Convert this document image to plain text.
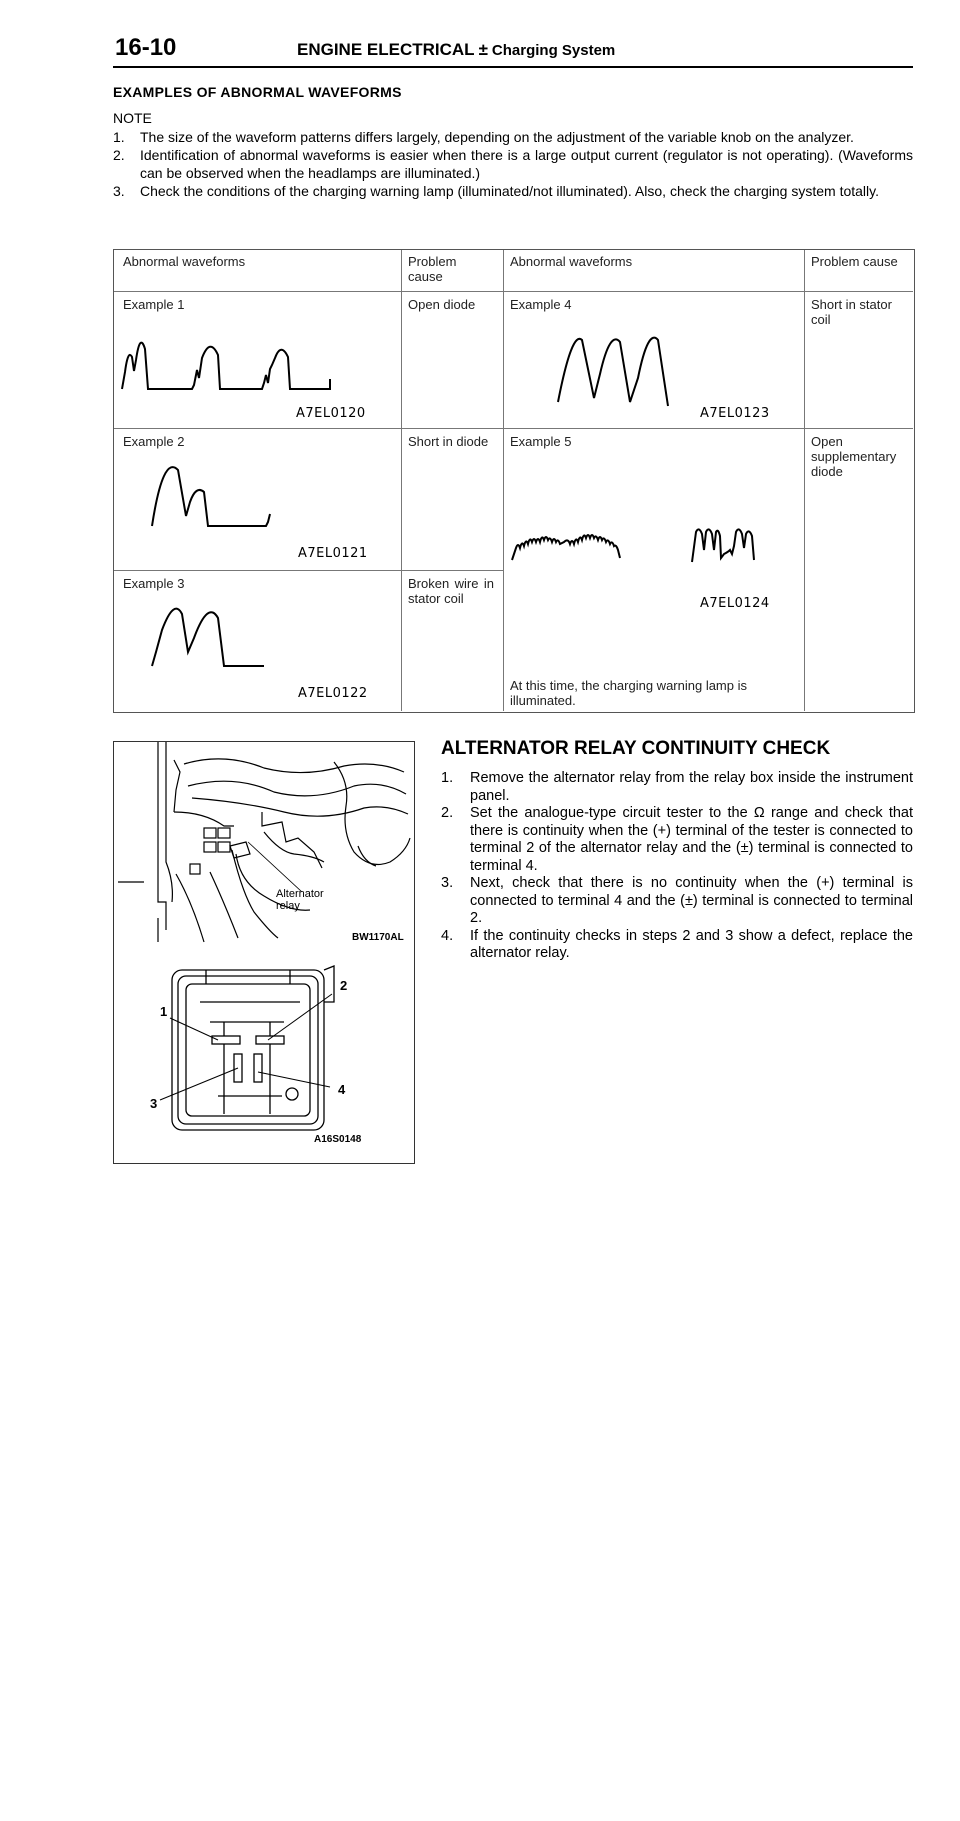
16-10	ENGINE ELECTRICAL ± Charging System
EXAMPLES OF ABNORMAL WAVEFORMS
NOTE
1. The size of the waveform patterns differs largely, depending on the adjustment of the variable knob on the analyzer.
2. Identification of abnormal waveforms is easier when there is a large output current (regulator is not operating). (Waveforms can be observed when the headlamps are illuminated.)
3. Check the conditions of the charging warning lamp (illuminated/not illuminated). Also, check the charging system totally.
Abnormal waveforms	Problem cause
Abnormal waveforms	Problem cause
Example 1	Open diode
A7EL0120
Example 2	Short in diode
A7EL0121
Example 3	Broken wire in stator coil
A7EL0122
Example 4	Short in stator coil
A7EL0123
Example 5	Open supplementary diode
A7EL0124
At this time, the charging warning lamp is illuminated.
Alternator
relay
BW1170AL
1
2
3
4
A16S0148
ALTERNATOR RELAY CONTINUITY CHECK
1. Remove the alternator relay from the relay box inside the instrument panel.
2. Set the analogue-type circuit tester to the Ω range and check that there is continuity when the (+) terminal of the tester is connected to terminal 2 of the alternator relay and the (±) terminal is connected to terminal 4.
3. Next, check that there is no continuity when the (+) terminal is connected to terminal 4 and the (±) terminal is connected to terminal 2.
4. If the continuity checks in steps 2 and 3 show a defect, replace the alternator relay.
